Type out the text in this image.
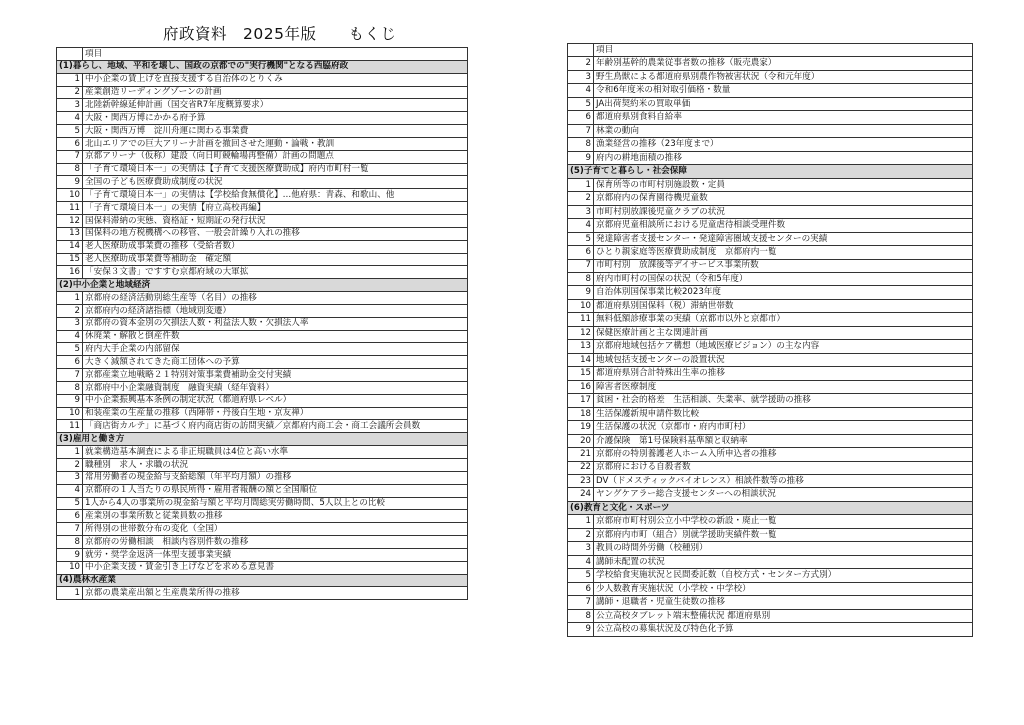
府政資料　2025年版　　もくじ
	項目
(1)暮らし、地域、平和を壊し、国政の京都での"実行機関"となる西脇府政	
1	中小企業の賃上げを直接支援する自治体のとりくみ
2	産業創造リーディングゾーンの計画
3	北陸新幹線延伸計画（国交省R7年度概算要求）
4	大阪・関西万博にかかる府予算
5	大阪・関西万博　淀川舟運に関わる事業費
6	北山エリアでの巨大アリーナ計画を撤回させた運動・論戦・教訓
7	京都アリーナ（仮称）建設（向日町競輪場再整備）計画の問題点
8	「子育て環境日本一」の実情は【子育て支援医療費助成】府内市町村一覧
9	全国の子ども医療費助成制度の状況
10	「子育て環境日本一」の実情は【学校給食無償化】…他府県：青森、和歌山、他
11	「子育て環境日本一」の実情【府立高校再編】
12	国保料滞納の実態、資格証・短期証の発行状況
13	国保料の地方税機構への移管、一般会計繰り入れの推移
14	老人医療助成事業費の推移（受給者数）
15	老人医療助成事業費等補助金　確定額
16	「安保３文書」ですすむ京都府域の大軍拡
(2)中小企業と地域経済	
1	京都府の経済活動別総生産等（名目）の推移
2	京都府内の経済諸指標（地域別変遷）
3	京都府の資本金別の欠損法人数・利益法人数・欠損法人率
4	休廃業・解散と倒産件数
5	府内大手企業の内部留保
6	大きく減額されてきた商工団体への予算
7	京都産業立地戦略２１特別対策事業費補助金交付実績
8	京都府中小企業融資制度　融資実績（経年資料）
9	中小企業振興基本条例の制定状況（都道府県レベル）
10	和装産業の生産量の推移（西陣帯・丹後白生地・京友禅）
11	「商店街カルテ」に基づく府内商店街の訪問実績／京都府内商工会・商工会議所会員数
(3)雇用と働き方	
1	就業構造基本調査による非正規職員は4位と高い水準
2	職種別　求人・求職の状況
3	常用労働者の現金給与支給総額（年平均月額）の推移
4	京都府の１人当たりの県民所得・雇用者報酬の額と全国順位
5	1人から4人の事業所の現金給与額と平均月間総実労働時間、5人以上との比較
6	産業別の事業所数と従業員数の推移
7	所得別の世帯数分布の変化（全国）
8	京都府の労働相談　相談内容別件数の推移
9	就労・奨学金返済一体型支援事業実績
10	中小企業支援・賃金引き上げなどを求める意見書
(4)農林水産業	
1	京都の農業産出額と生産農業所得の推移
	項目
2	年齢別基幹的農業従事者数の推移（販売農家）
3	野生鳥獣による都道府県別農作物被害状況（令和元年度）
4	令和6年度米の相対取引価格・数量
5	JA出荷契約米の買取単価
6	都道府県別食料自給率
7	林業の動向
8	漁業経営の推移（23年度まで）
9	府内の耕地面積の推移
(5)子育てと暮らし・社会保障	
1	保育所等の市町村別施設数・定員
2	京都府内の保育園待機児童数
3	市町村別放課後児童クラブの状況
4	京都府児童相談所における児童虐待相談受理件数
5	発達障害者支援センター・発達障害圏域支援センターの実績
6	ひとり親家庭等医療費助成制度　京都府内一覧
7	市町村別　放課後等デイサービス事業所数
8	府内市町村の国保の状況（令和5年度）
9	自治体別国保事業比較2023年度
10	都道府県別国保料（税）滞納世帯数
11	無料低額診療事業の実績（京都市以外と京都市）
12	保健医療計画と主な関連計画
13	京都府地域包括ケア構想（地域医療ビジョン）の主な内容
14	地域包括支援センターの設置状況
15	都道府県別合計特殊出生率の推移
16	障害者医療制度
17	貧困・社会的格差　生活相談、失業率、就学援助の推移
18	生活保護新規申請件数比較
19	生活保護の状況（京都市・府内市町村）
20	介護保険　第1号保険料基準額と収納率
21	京都府の特別養護老人ホーム入所申込者の推移
22	京都府における自殺者数
23	DV（ドメスティックバイオレンス）相談件数等の推移
24	ヤングケアラー総合支援センターへの相談状況
(6)教育と文化・スポーツ	
1	京都府市町村別公立小中学校の新設・廃止一覧
2	京都府内市町（組合）別就学援助実績件数一覧
3	教員の時間外労働（校種別）
4	講師未配置の状況
5	学校給食実施状況と民間委託数（自校方式・センター方式別）
6	少人数教育実施状況（小学校・中学校）
7	講師・退職者・児童生徒数の推移
8	公立高校タブレット端末整備状況 都道府県別
9	公立高校の募集状況及び特色化予算
